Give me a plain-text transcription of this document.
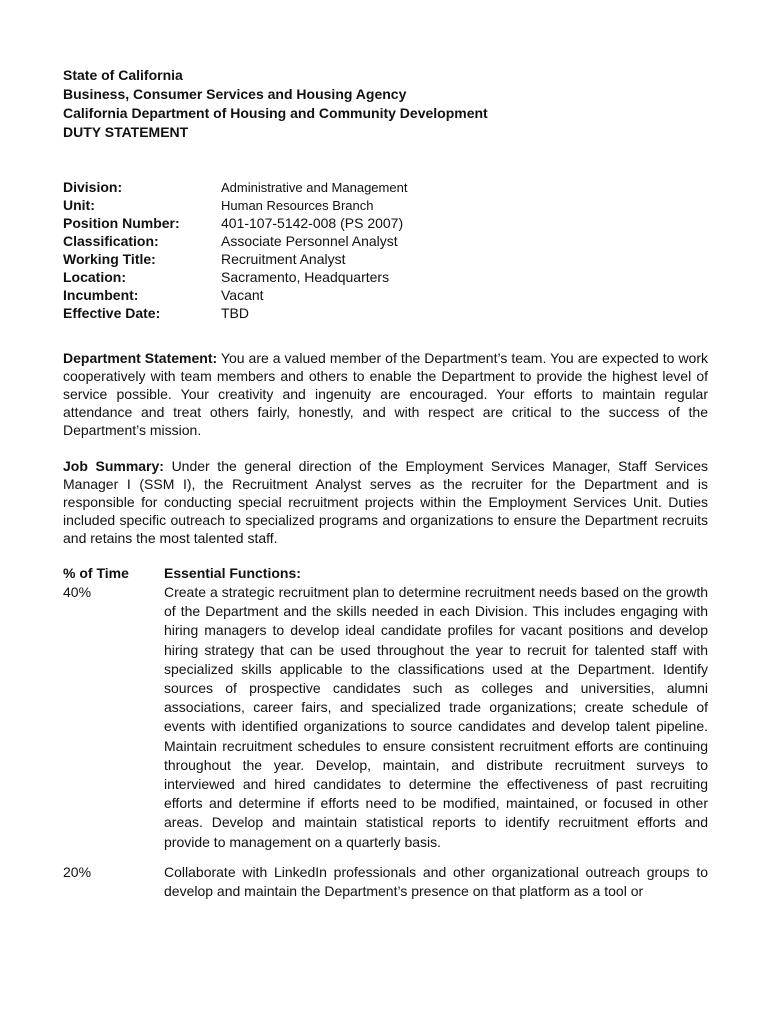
State of California
Business, Consumer Services and Housing Agency
California Department of Housing and Community Development
DUTY STATEMENT
Division:	Administrative and Management
Unit:	Human Resources Branch
Position Number:	401-107-5142-008 (PS 2007)
Classification:	Associate Personnel Analyst
Working Title:	Recruitment Analyst
Location:	Sacramento, Headquarters
Incumbent:	Vacant
Effective Date:	TBD
Department Statement: You are a valued member of the Department’s team. You are expected to work cooperatively with team members and others to enable the Department to provide the highest level of service possible. Your creativity and ingenuity are encouraged. Your efforts to maintain regular attendance and treat others fairly, honestly, and with respect are critical to the success of the Department’s mission.
Job Summary: Under the general direction of the Employment Services Manager, Staff Services Manager I (SSM I), the Recruitment Analyst serves as the recruiter for the Department and is responsible for conducting special recruitment projects within the Employment Services Unit. Duties included specific outreach to specialized programs and organizations to ensure the Department recruits and retains the most talented staff.
% of Time	Essential Functions:
40%	Create a strategic recruitment plan to determine recruitment needs based on the growth of the Department and the skills needed in each Division. This includes engaging with hiring managers to develop ideal candidate profiles for vacant positions and develop hiring strategy that can be used throughout the year to recruit for talented staff with specialized skills applicable to the classifications used at the Department. Identify sources of prospective candidates such as colleges and universities, alumni associations, career fairs, and specialized trade organizations; create schedule of events with identified organizations to source candidates and develop talent pipeline. Maintain recruitment schedules to ensure consistent recruitment efforts are continuing throughout the year. Develop, maintain, and distribute recruitment surveys to interviewed and hired candidates to determine the effectiveness of past recruiting efforts and determine if efforts need to be modified, maintained, or focused in other areas. Develop and maintain statistical reports to identify recruitment efforts and provide to management on a quarterly basis.
20%	Collaborate with LinkedIn professionals and other organizational outreach groups to develop and maintain the Department’s presence on that platform as a tool or
